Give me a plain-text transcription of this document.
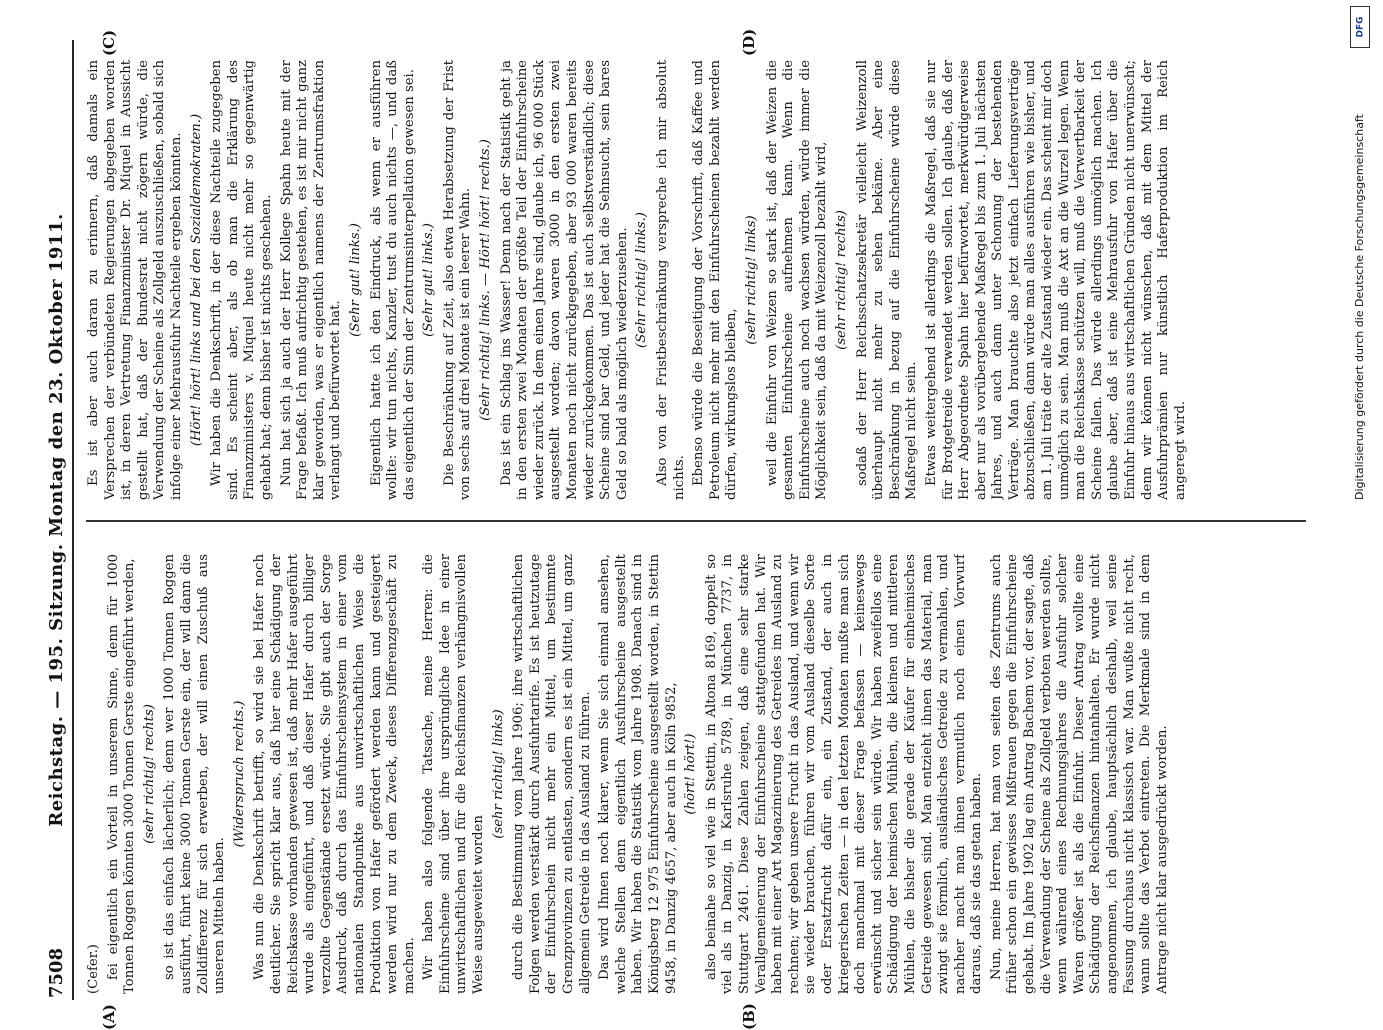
7508
Reichstag. — 195. Sitzung. Montag den 23. Oktober 1911.

(Cefer.) fei eigentlich ein Vorteil in unserem Sinne, denn für 1000 Tonnen Roggen könnten 3000 Tonnen Gerste eingeführt werden, (sehr richtig! rechts) so ist das einfach lächerlich; denn wer 1000 Tonnen Roggen ausführt, führt keine 3000 Tonnen Gerste ein, der will dann die Zolldifferenz für sich erwerben, der will einen Zuschuß aus unseren Mitteln haben.

(Widerspruch rechts.) Was nun die Denkschrift betrifft, so wird sie bei Hafer noch deutlicher. Sie spricht klar aus, daß hier eine Schädigung der Reichskasse vorhanden gewesen ist, daß mehr Hafer ausgeführt wurde als eingeführt, und daß dieser Hafer durch billiger verzollte Gegenstände ersetzt würde. Sie gibt auch der Sorge Ausdruck, daß durch das Einfuhrscheinsystem in einer vom nationalen Standpunkte aus unwirtschaftlichen Weise die Produktion von Hafer gefördert werden kann und gesteigert werden wird nur zu dem Zweck, dieses Differenzgeschäft zu machen. Wir haben also folgende Tatsache, meine Herren: die Einfuhrscheine sind über ihre ursprüngliche Idee in einer unwirtschaftlichen und für die Reichsfinanzen verhängnisvollen Weise ausgeweitet worden

(sehr richtig! links) durch die Bestimmung vom Jahre 1906; ihre wirtschaftlichen Folgen werden verstärkt durch Ausfuhrtarife. Es ist heutzutage der Einfuhrschein nicht mehr ein Mittel, um bestimmte Grenzprovinzen zu entlasten, sondern es ist ein Mittel, um ganz allgemein Getreide in das Ausland zu führen. Das wird Ihnen noch klarer, wenn Sie sich einmal ansehen, welche Stellen denn eigentlich Ausfuhrscheine ausgestellt haben. Wir haben die Statistik vom Jahre 1908. Danach sind in Königsberg 12 975 Einfuhrscheine ausgestellt worden, in Stettin 9458, in Danzig 4657, aber auch in Köln 9852, (hört! hört!) also beinahe so viel wie in Stettin, in Altona 8169, doppelt so viel als in Danzig, in Karlsruhe 5789, in München 7737, in Stuttgart 2461. Diese Zahlen zeigen, daß eine sehr starke Verallgemeinerung der Einfuhrscheine stattgefunden hat. Wir haben mit einer Art Magazinierung des Getreides im Ausland zu rechnen; wir geben unsere Frucht in das Ausland, und wenn wir sie wieder brauchen, führen wir vom Ausland dieselbe Sorte oder Ersatzfrucht dafür ein, ein Zustand, der auch in kriegerischen Zeiten — in den letzten Monaten mußte man sich doch manchmal mit dieser Frage befassen — keineswegs erwünscht und sicher sein würde. Wir haben zweifellos eine Schädigung der heimischen Mühlen, die kleinen und mittleren Mühlen, die bisher die gerade der Käufer für einheimisches Getreide gewesen sind. Man entzieht ihnen das Material, man zwingt sie förmlich, ausländisches Getreide zu vermahlen, und nachher macht man ihnen vermutlich noch einen Vorwurf daraus, daß sie das getan haben. Nun, meine Herren, hat man von seiten des Zentrums auch früher schon ein gewisses Mißtrauen gegen die Einfuhrscheine gehabt. Im Jahre 1902 lag ein Antrag Bachem vor, der sagte, daß die Verwendung der Scheine als Zollgeld verboten werden sollte, wenn während eines Rechnungsjahres die Ausfuhr solcher Waren größer ist als die Einfuhr. Dieser Antrag wollte eine Schädigung der Reichsfinanzen hintanhalten. Er wurde nicht angenommen, ich glaube, hauptsächlich deshalb, weil seine Fassung durchaus nicht klassisch war. Man wußte nicht recht, wann sollte das Verbot eintreten. Die Merkmale sind in dem Antrage nicht klar ausgedrückt worden.

Es ist aber auch daran zu erinnern, daß damals ein Versprechen der verbündeten Regierungen abgegeben worden ist, in deren Vertretung Finanzminister Dr. Miquel in Aussicht gestellt hat, daß der Bundesrat nicht zögern würde, die Verwendung der Scheine als Zollgeld auszuschließen, sobald sich infolge einer Mehrausfuhr Nachteile ergeben könnten. (Hört! hört! links und bei den Sozialdemokraten.) Wir haben die Denkschrift, in der diese Nachteile zugegeben sind. Es scheint aber, als ob man die Erklärung des Finanzministers v. Miquel heute nicht mehr so gegenwärtig gehabt hat; denn bisher ist nichts geschehen. Nun hat sich ja auch der Herr Kollege Spahn heute mit der Frage befaßt. Ich muß aufrichtig gestehen, es ist mir nicht ganz klar geworden, was er eigentlich namens der Zentrumsfraktion verlangt und befürwortet hat.

(Sehr gut! links.) Eigentlich hatte ich den Eindruck, als wenn er ausführen wollte: wir tun nichts, Kanzler, tust du auch nichts —, und daß das eigentlich der Sinn der Zentrumsinterpellation gewesen sei. (Sehr gut! links.) Die Beschränkung auf Zeit, also etwa Herabsetzung der Frist von sechs auf drei Monate ist ein leerer Wahn. (Sehr richtig! links. — Hört! hört! rechts.) Das ist ein Schlag ins Wasser! Denn nach der Statistik geht ja in den ersten zwei Monaten der größte Teil der Einfuhrscheine wieder zurück. In dem einen Jahre sind, glaube ich, 96 000 Stück ausgestellt worden; davon waren 3000 in den ersten zwei Monaten noch nicht zurückgegeben, aber 93 000 waren bereits wieder zurückgekommen. Das ist auch selbstverständlich; diese Scheine sind bar Geld, und jeder hat die Sehnsucht, sein bares Geld so bald als möglich wiederzusehen. (Sehr richtig! links.) Also von der Fristbeschränkung verspreche ich mir absolut nichts. Ebenso würde die Beseitigung der Vorschrift, daß Kaffee und Petroleum nicht mehr mit den Einfuhrscheinen bezahlt werden dürfen, wirkungslos bleiben,

(sehr richtig! links) weil die Einfuhr von Weizen so stark ist, daß der Weizen die gesamten Einfuhrscheine aufnehmen kann. Wenn die Einfuhrscheine auch noch wachsen würden, würde immer die Möglichkeit sein, daß da mit Weizenzoll bezahlt wird, (sehr richtig! rechts) sodaß der Herr Reichsschatzsekretär vielleicht Weizenzoll überhaupt nicht mehr zu sehen bekäme. Aber eine Beschränkung in bezug auf die Einfuhrscheine würde diese Maßregel nicht sein. Etwas weitergehend ist allerdings die Maßregel, daß sie nur für Brotgetreide verwendet werden sollen. Ich glaube, daß der Herr Abgeordnete Spahn hier befürwortet, merkwürdigerweise aber nur als vorübergehende Maßregel bis zum 1. Juli nächsten Jahres, und auch dann unter Schonung der bestehenden Verträge. Man brauchte also jetzt einfach Lieferungsverträge abzuschließen, dann würde man alles ausführen wie bisher, und am 1. Juli träte der alte Zustand wieder ein. Das scheint mir doch unmöglich zu sein. Man muß die Axt an die Wurzel legen. Wenn man die Reichskasse schützen will, muß die Verwertbarkeit der Scheine fallen. Das würde allerdings unmöglich machen. Ich glaube aber, daß ist eine Mehrausfuhr von Hafer über die Einfuhr hinaus aus wirtschaftlichen Gründen nicht unerwünscht; denn wir können nicht wünschen, daß mit dem Mittel der Ausfuhrprämien nur künstlich Haferproduktion im Reich angeregt wird.

(A)	(B)
(C)	(D)
Digitalisierung gefördert durch die Deutsche Forschungsgemeinschaft
DFG
